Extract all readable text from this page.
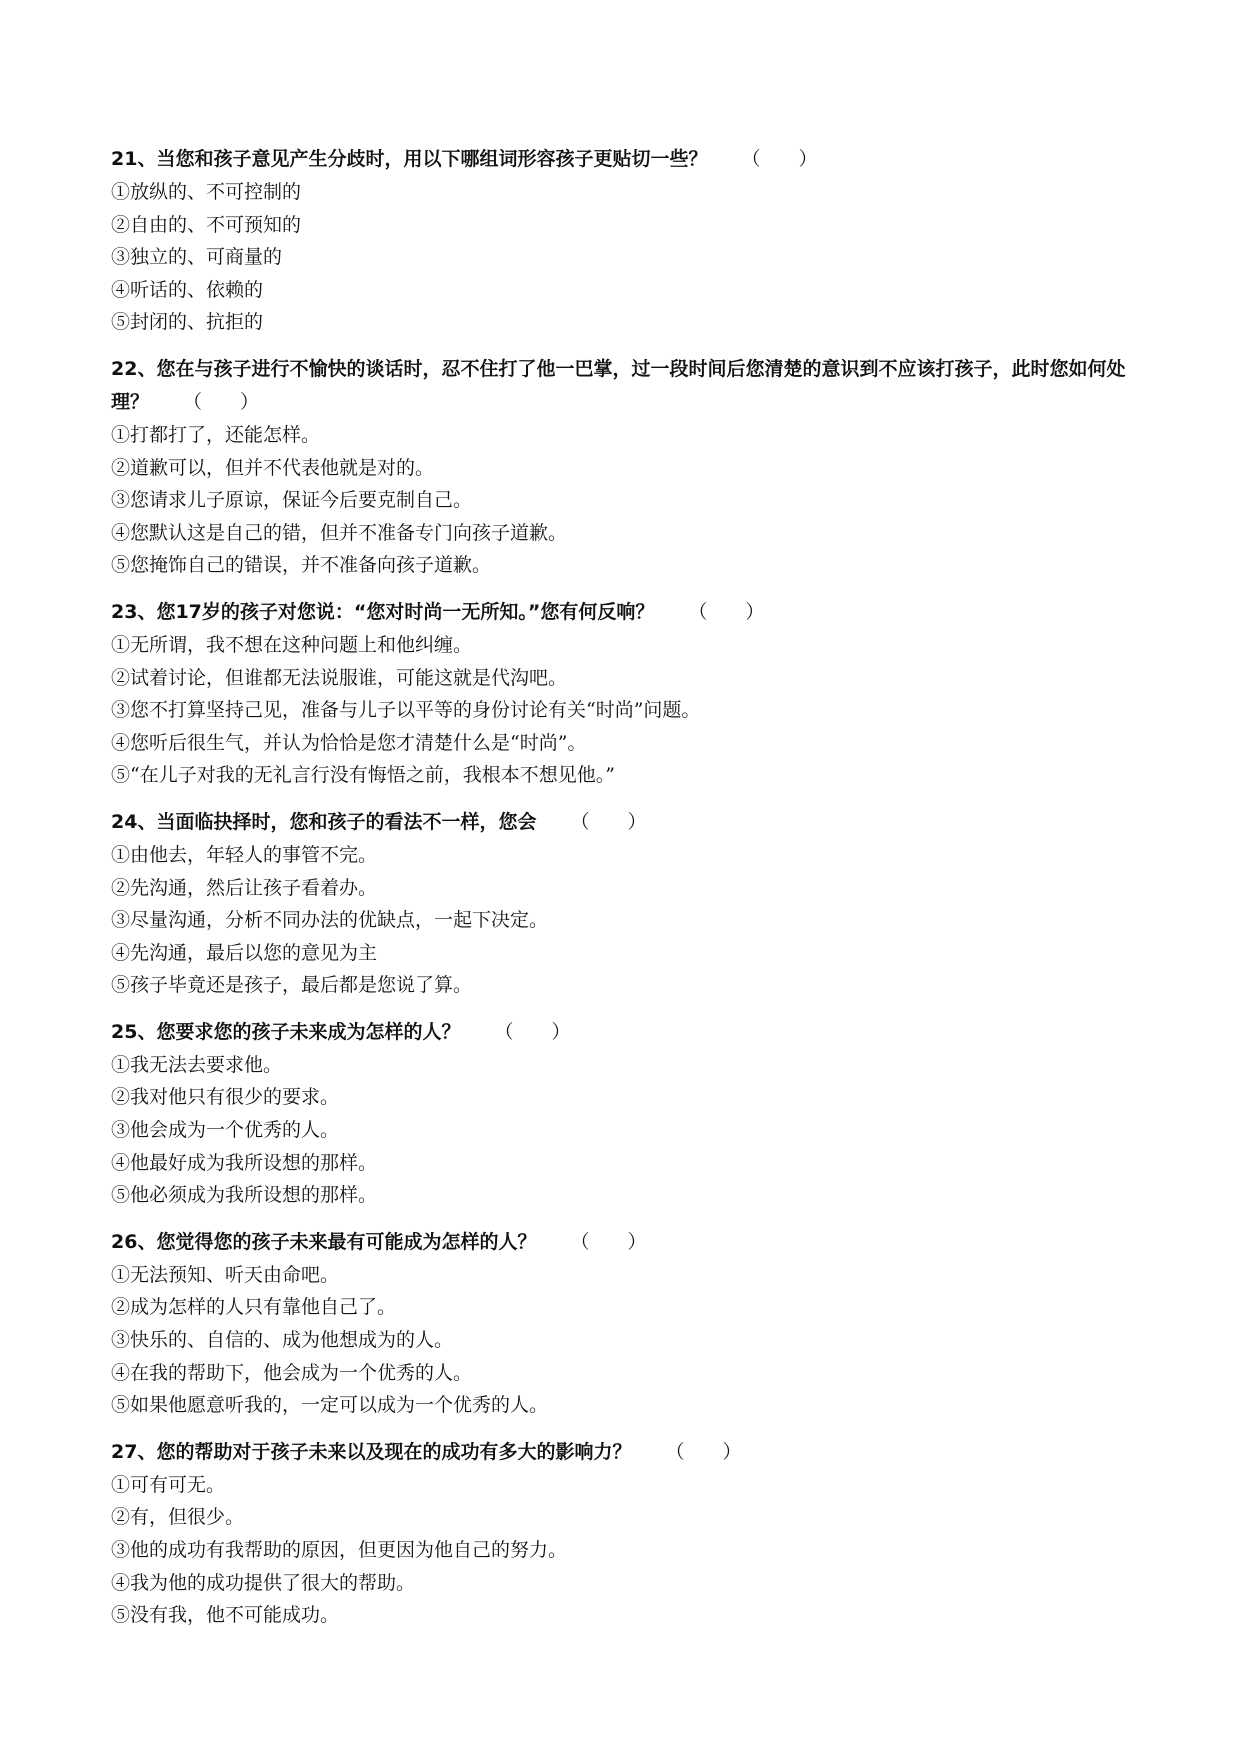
21、当您和孩子意见产生分歧时，用以下哪组词形容孩子更贴切一些？ （　　）

①放纵的、不可控制的

②自由的、不可预知的

③独立的、可商量的

④听话的、依赖的

⑤封闭的、抗拒的

22、您在与孩子进行不愉快的谈话时，忍不住打了他一巴掌，过一段时间后您清楚的意识到不应该打孩子，此时您如何处理？ （　　）

①打都打了，还能怎样。

②道歉可以，但并不代表他就是对的。

③您请求儿子原谅，保证今后要克制自己。

④您默认这是自己的错，但并不准备专门向孩子道歉。

⑤您掩饰自己的错误，并不准备向孩子道歉。

23、您17岁的孩子对您说：“您对时尚一无所知。”您有何反响？ （　　）

①无所谓，我不想在这种问题上和他纠缠。

②试着讨论，但谁都无法说服谁，可能这就是代沟吧。

③您不打算坚持己见，准备与儿子以平等的身份讨论有关“时尚”问题。

④您听后很生气，并认为恰恰是您才清楚什么是“时尚”。

⑤“在儿子对我的无礼言行没有悔悟之前，我根本不想见他。”

24、当面临抉择时，您和孩子的看法不一样，您会 （　　）

①由他去，年轻人的事管不完。

②先沟通，然后让孩子看着办。

③尽量沟通，分析不同办法的优缺点，一起下决定。

④先沟通，最后以您的意见为主

⑤孩子毕竟还是孩子，最后都是您说了算。

25、您要求您的孩子未来成为怎样的人？ （　　）

①我无法去要求他。

②我对他只有很少的要求。

③他会成为一个优秀的人。

④他最好成为我所设想的那样。

⑤他必须成为我所设想的那样。

26、您觉得您的孩子未来最有可能成为怎样的人？ （　　）

①无法预知、听天由命吧。

②成为怎样的人只有靠他自己了。

③快乐的、自信的、成为他想成为的人。

④在我的帮助下，他会成为一个优秀的人。

⑤如果他愿意听我的，一定可以成为一个优秀的人。

27、您的帮助对于孩子未来以及现在的成功有多大的影响力？ （　　）

①可有可无。

②有，但很少。

③他的成功有我帮助的原因，但更因为他自己的努力。

④我为他的成功提供了很大的帮助。

⑤没有我，他不可能成功。
